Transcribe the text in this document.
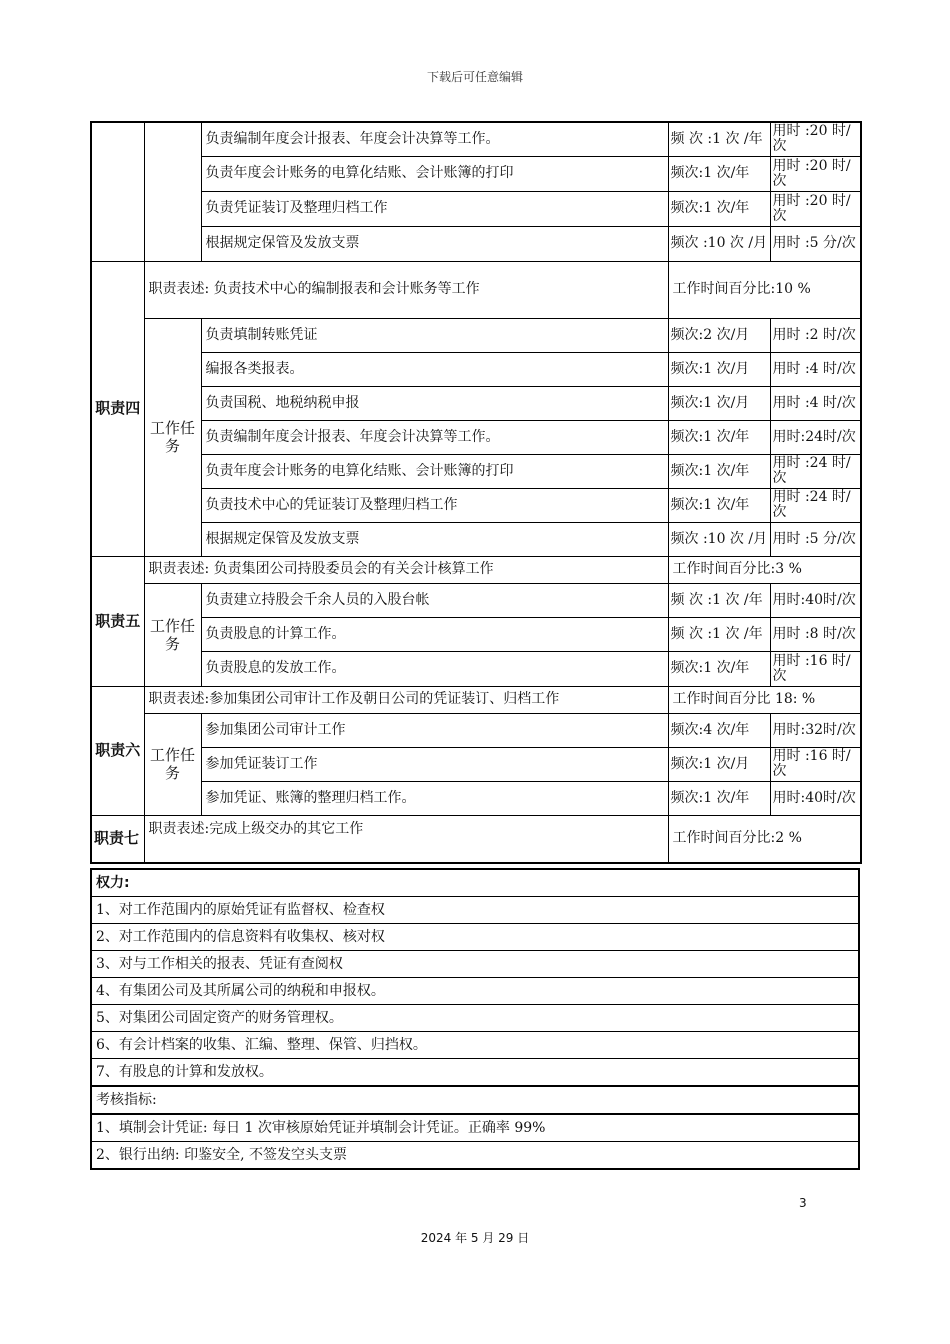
下载后可任意编辑
		负责编制年度会计报表、年度会计决算等工作。	频 次 :1 次 /年	用时 :20 时/次
		负责年度会计账务的电算化结账、会计账簿的打印	频次:1 次/年	用时 :20 时/次
		负责凭证装订及整理归档工作	频次:1 次/年	用时 :20 时/次
		根据规定保管及发放支票	频次 :10 次 /月	用时 :5 分/次
职责四	职责表述: 负责技术中心的编制报表和会计账务等工作		工作时间百分比:10 %	
	工作任务	负责填制转账凭证	频次:2 次/月	用时 :2 时/次
		编报各类报表。	频次:1 次/月	用时 :4 时/次
		负责国税、地税纳税申报	频次:1 次/月	用时 :4 时/次
		负责编制年度会计报表、年度会计决算等工作。	频次:1 次/年	用时:24时/次
		负责年度会计账务的电算化结账、会计账簿的打印	频次:1 次/年	用时 :24 时/次
		负责技术中心的凭证装订及整理归档工作	频次:1 次/年	用时 :24 时/次
		根据规定保管及发放支票	频次 :10 次 /月	用时 :5 分/次
职责五	职责表述: 负责集团公司持股委员会的有关会计核算工作		工作时间百分比:3 %	
	工作任务	负责建立持股会千余人员的入股台帐	频 次 :1 次 /年	用时:40时/次
		负责股息的计算工作。	频 次 :1 次 /年	用时 :8 时/次
		负责股息的发放工作。	频次:1 次/年	用时 :16 时/次
职责六	职责表述:参加集团公司审计工作及朝日公司的凭证装订、归档工作		工作时间百分比 18: %	
	工作任务	参加集团公司审计工作	频次:4 次/年	用时:32时/次
		参加凭证装订工作	频次:1 次/月	用时 :16 时/次
		参加凭证、账簿的整理归档工作。	频次:1 次/年	用时:40时/次
职责七	职责表述:完成上级交办的其它工作		工作时间百分比:2 %	
权力:
1、对工作范围内的原始凭证有监督权、检查权
2、对工作范围内的信息资料有收集权、核对权
3、对与工作相关的报表、凭证有查阅权
4、有集团公司及其所属公司的纳税和申报权。
5、对集团公司固定资产的财务管理权。
6、有会计档案的收集、汇编、整理、保管、归挡权。
7、有股息的计算和发放权。
考核指标:
1、填制会计凭证: 每日 1 次审核原始凭证并填制会计凭证。正确率 99%
2、银行出纳: 印鉴安全, 不签发空头支票
3
2024 年 5 月 29 日
